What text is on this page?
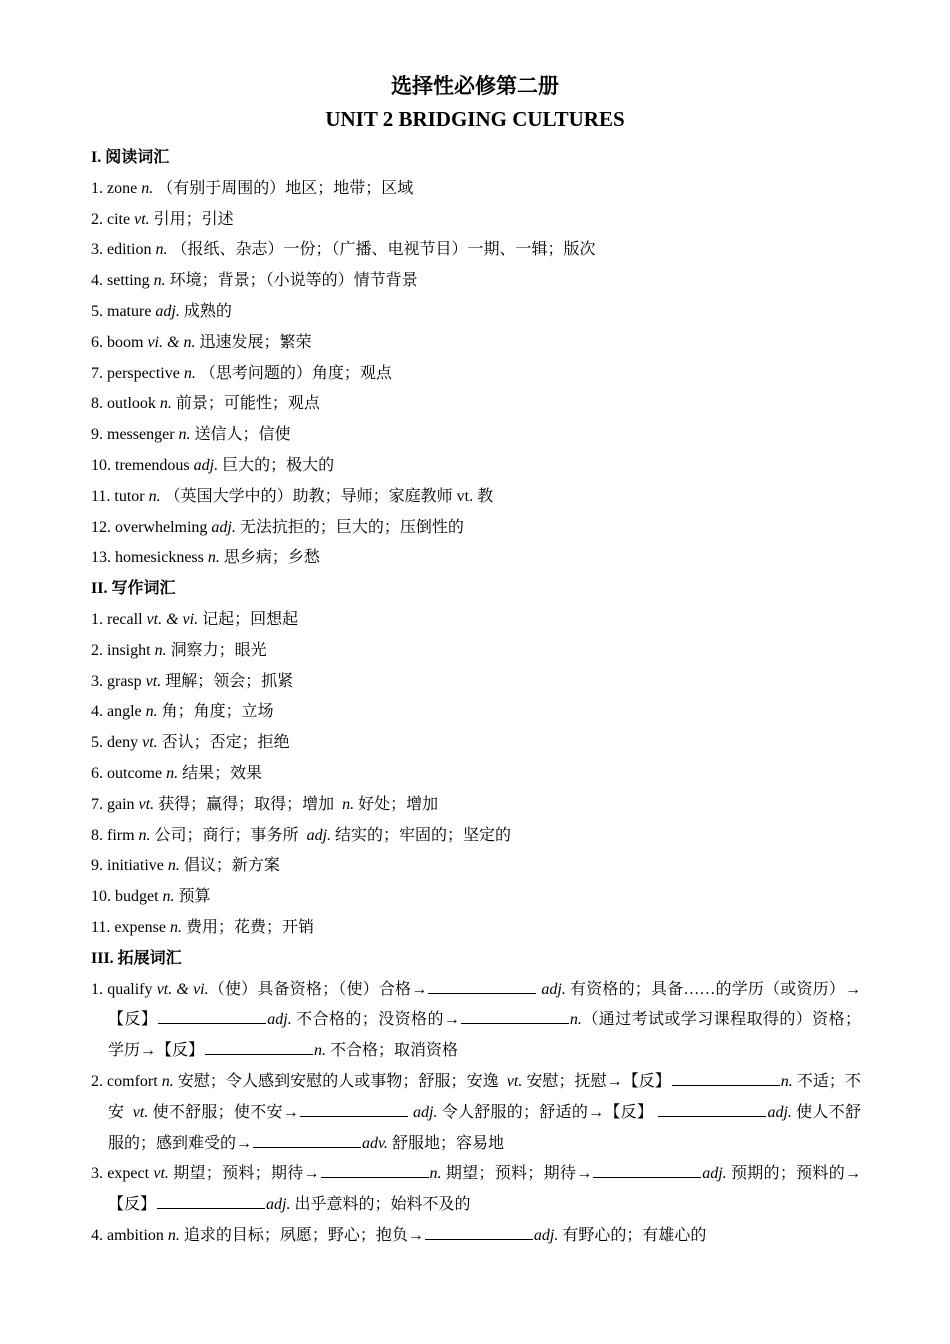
选择性必修第二册
UNIT 2 BRIDGING CULTURES
I. 阅读词汇
1. zone n. （有别于周围的）地区；地带；区域
2. cite vt. 引用；引述
3. edition n. （报纸、杂志）一份；（广播、电视节目）一期、一辑；版次
4. setting n. 环境；背景；（小说等的）情节背景
5. mature adj. 成熟的
6. boom vi. & n. 迅速发展；繁荣
7. perspective n. （思考问题的）角度；观点
8. outlook n. 前景；可能性；观点
9. messenger n. 送信人；信使
10. tremendous adj. 巨大的；极大的
11. tutor n. （英国大学中的）助教；导师；家庭教师 vt. 教
12. overwhelming adj. 无法抗拒的；巨大的；压倒性的
13. homesickness n. 思乡病；乡愁
II. 写作词汇
1. recall vt. & vi. 记起；回想起
2. insight n. 洞察力；眼光
3. grasp vt. 理解；领会；抓紧
4. angle n. 角；角度；立场
5. deny vt. 否认；否定；拒绝
6. outcome n. 结果；效果
7. gain vt. 获得；赢得；取得；增加 n. 好处；增加
8. firm n. 公司；商行；事务所 adj. 结实的；牢固的；坚定的
9. initiative n. 倡议；新方案
10. budget n. 预算
11. expense n. 费用；花费；开销
III. 拓展词汇
1. qualify vt. & vi.（使）具备资格；（使）合格→	adj. 有资格的；具备……的学历（或资历）→【反】	adj. 不合格的；没资格的→	n.（通过考试或学习课程取得的）资格；学历→【反】	n. 不合格；取消资格
2. comfort n. 安慰；令人感到安慰的人或事物；舒服；安逸 vt. 安慰；抚慰→【反】	n. 不适；不安 vt. 使不舒服；使不安→	adj. 令人舒服的；舒适的→【反】	adj. 使人不舒服的；感到难受的→	adv. 舒服地；容易地
3. expect vt. 期望；预料；期待→	n. 期望；预料；期待→	adj. 预期的；预料的→【反】	adj. 出乎意料的；始料不及的
4. ambition n. 追求的目标；夙愿；野心；抱负→	adj. 有野心的；有雄心的
